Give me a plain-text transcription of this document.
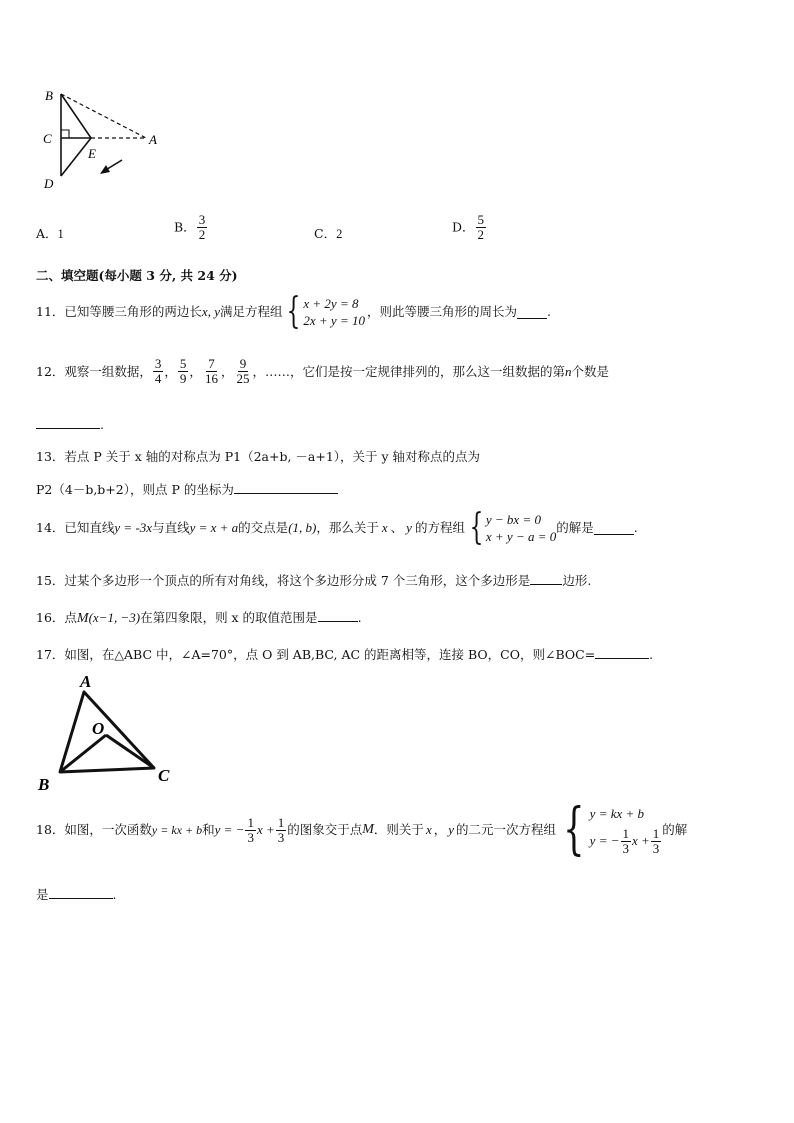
B
C
D
E
A
A．1	B． $\frac{3}{2}$	C．2	D． $\frac{5}{2}$
二、填空题(每小题 3 分, 共 24 分)
11．已知等腰三角形的两边长 x, y 满足方程组 { x + 2y = 8
2x + y = 10
，则此等腰三角形的周长为 .
12．观察一组数据， $\frac{3}{4}$ ， $\frac{5}{9}$ ， $\frac{7}{16}$ ， $\frac{9}{25}$ ，……，它们是按一定规律排列的，那么这一组数据的第 n 个数是
.
13．若点 P 关于 x 轴的对称点为 P1（2a+b, －a+1），关于 y 轴对称点的点为
P2（4－b,b+2），则点 P 的坐标为
14．已知直线 y = -3x 与直线 y = x + a 的交点是 (1, b) ，那么关于 x 、 y 的方程组 { y − bx = 0
x + y − a = 0
的解是	.
15．过某个多边形一个顶点的所有对角线，将这个多边形分成 7 个三角形，这个多边形是	边形.
16．点M(x−1, −3)在第四象限，则 x 的取值范围是	.
17．如图，在△ABC 中，∠A=70°，点 O 到 AB,BC, AC 的距离相等，连接 BO，CO，则∠BOC=	.
A
O
B	C
18．如图，一次函数 y = kx + b 和 y = − $\frac{1}{3}$ $x + \frac{1}{3}$ 的图象交于点 M ．则关于 x ， y 的二元一次方程组 { y = kx + b
y = − $\frac{1}{3}$ $x + \frac{1}{3}$ 的解
是	.
